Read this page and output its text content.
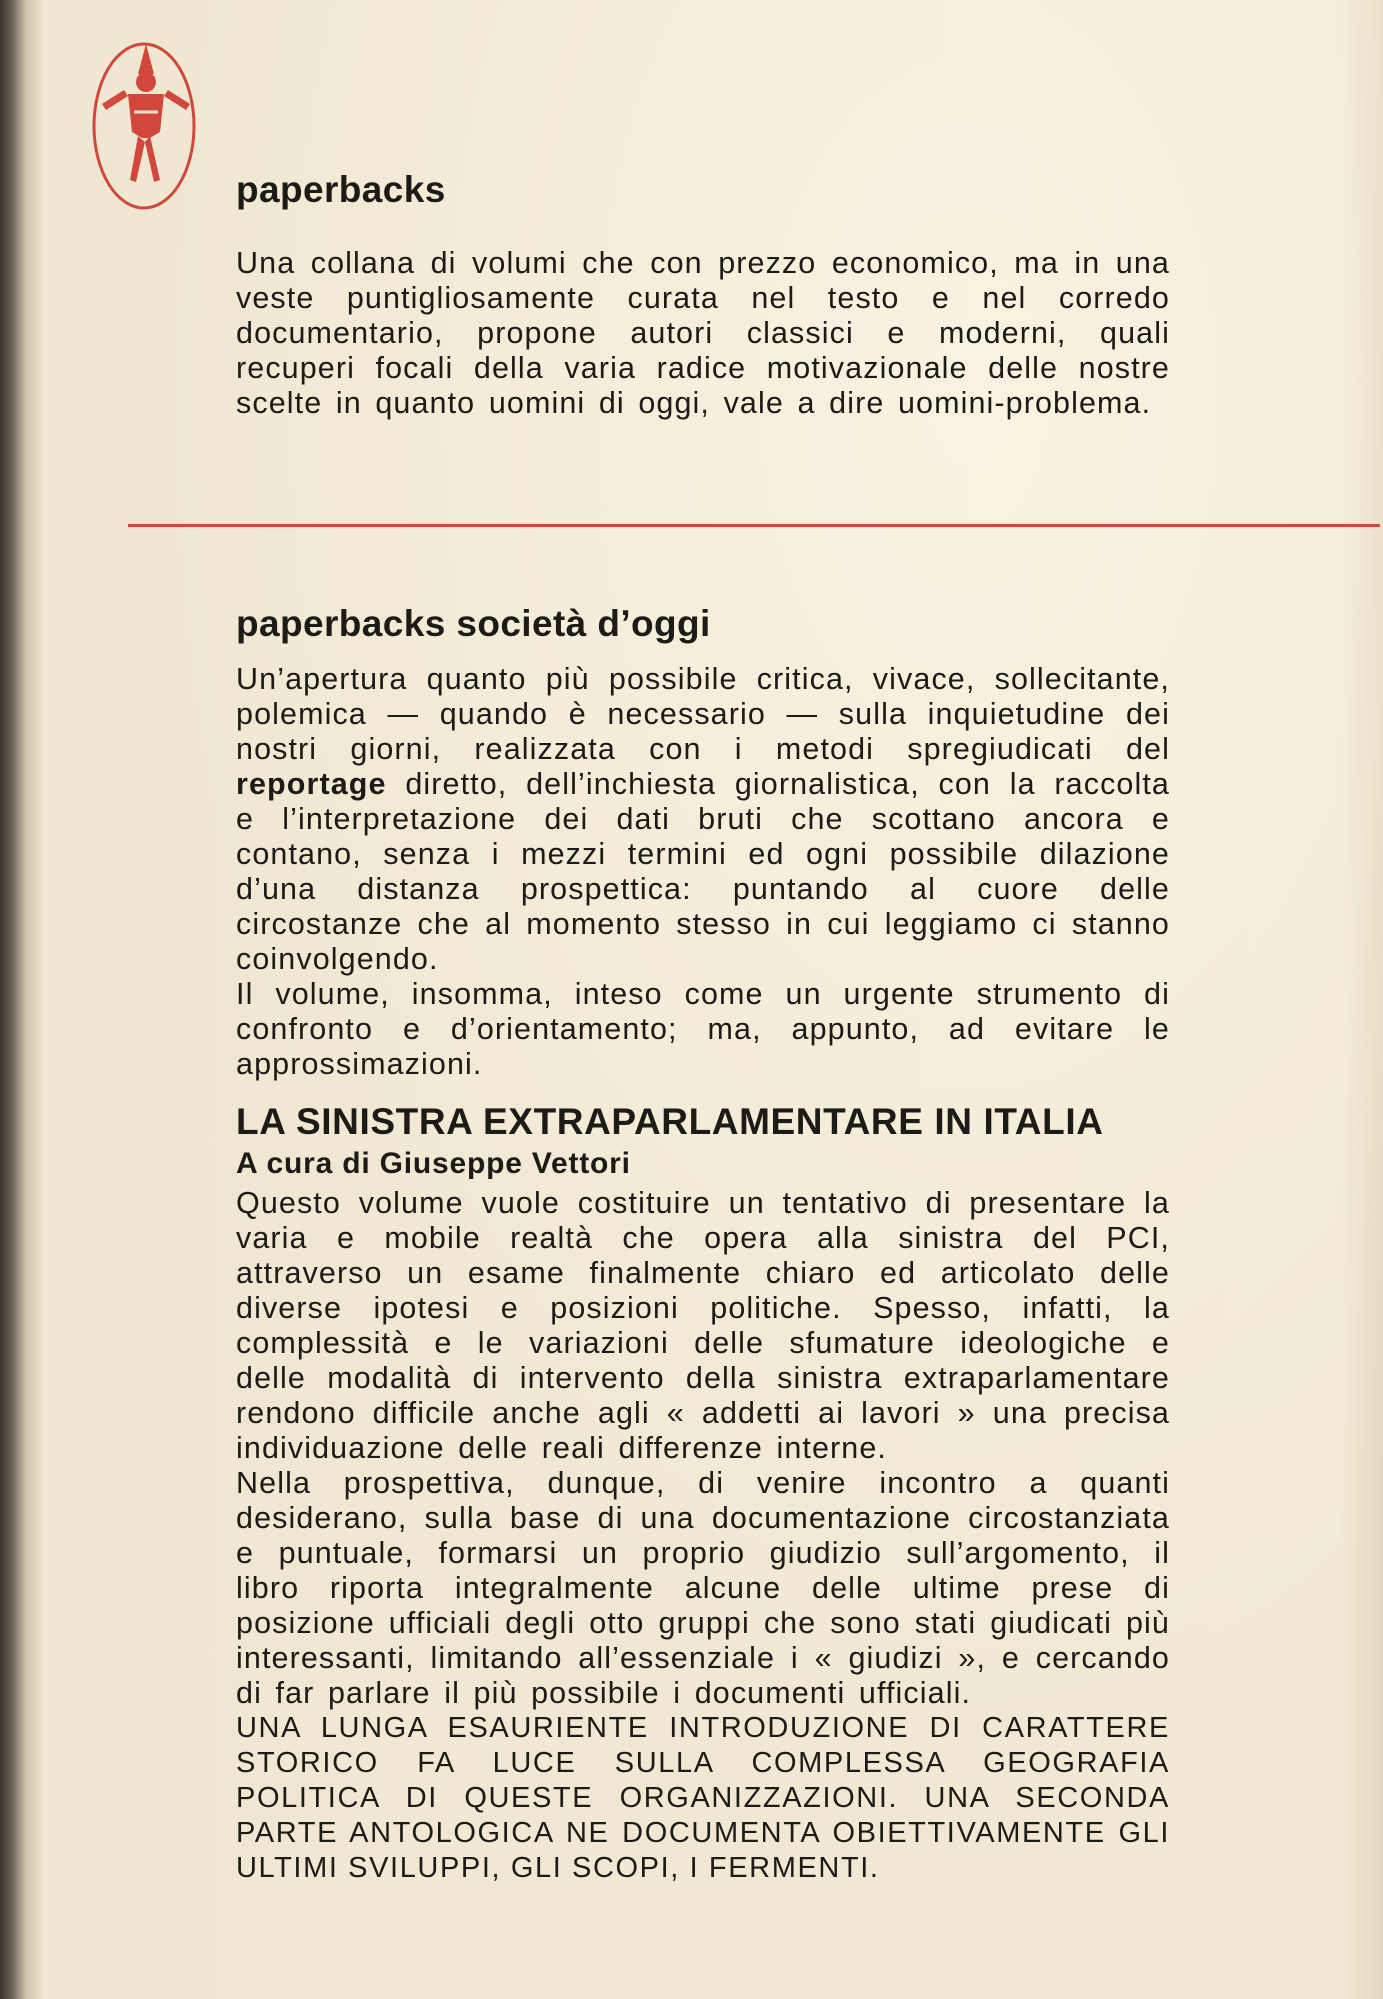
paperbacks

Una collana di volumi che con prezzo economico, ma in una veste puntigliosamente curata nel testo e nel corredo documentario, propone autori classici e moderni, quali recuperi focali della varia radice motivazionale delle nostre scelte in quanto uomini di oggi, vale a dire uomini-problema.

paperbacks società d’oggi

Un’apertura quanto più possibile critica, vivace, sollecitante, polemica — quando è necessario — sulla inquietudine dei nostri giorni, realizzata con i metodi spregiudicati del reportage diretto, dell’inchiesta giornalistica, con la raccolta e l’interpretazione dei dati bruti che scottano ancora e contano, senza i mezzi termini ed ogni possibile dilazione d’una distanza prospettica: puntando al cuore delle circostanze che al momento stesso in cui leggiamo ci stanno coinvolgendo.

Il volume, insomma, inteso come un urgente strumento di confronto e d’orientamento; ma, appunto, ad evitare le approssimazioni.

LA SINISTRA EXTRAPARLAMENTARE IN ITALIA

A cura di Giuseppe Vettori

Questo volume vuole costituire un tentativo di presentare la varia e mobile realtà che opera alla sinistra del PCI, attraverso un esame finalmente chiaro ed articolato delle diverse ipotesi e posizioni politiche. Spesso, infatti, la complessità e le variazioni delle sfumature ideologiche e delle modalità di intervento della sinistra extraparlamentare rendono difficile anche agli « addetti ai lavori » una precisa individuazione delle reali differenze interne.

Nella prospettiva, dunque, di venire incontro a quanti desiderano, sulla base di una documentazione circostanziata e puntuale, formarsi un proprio giudizio sull’argomento, il libro riporta integralmente alcune delle ultime prese di posizione ufficiali degli otto gruppi che sono stati giudicati più interessanti, limitando all’essenziale i « giudizi », e cercando di far parlare il più possibile i documenti ufficiali.

UNA LUNGA ESAURIENTE INTRODUZIONE DI CARATTERE STORICO FA LUCE SULLA COMPLESSA GEOGRAFIA POLITICA DI QUESTE ORGANIZZAZIONI. UNA SECONDA PARTE ANTOLOGICA NE DOCUMENTA OBIETTIVAMENTE GLI ULTIMI SVILUPPI, GLI SCOPI, I FERMENTI.
